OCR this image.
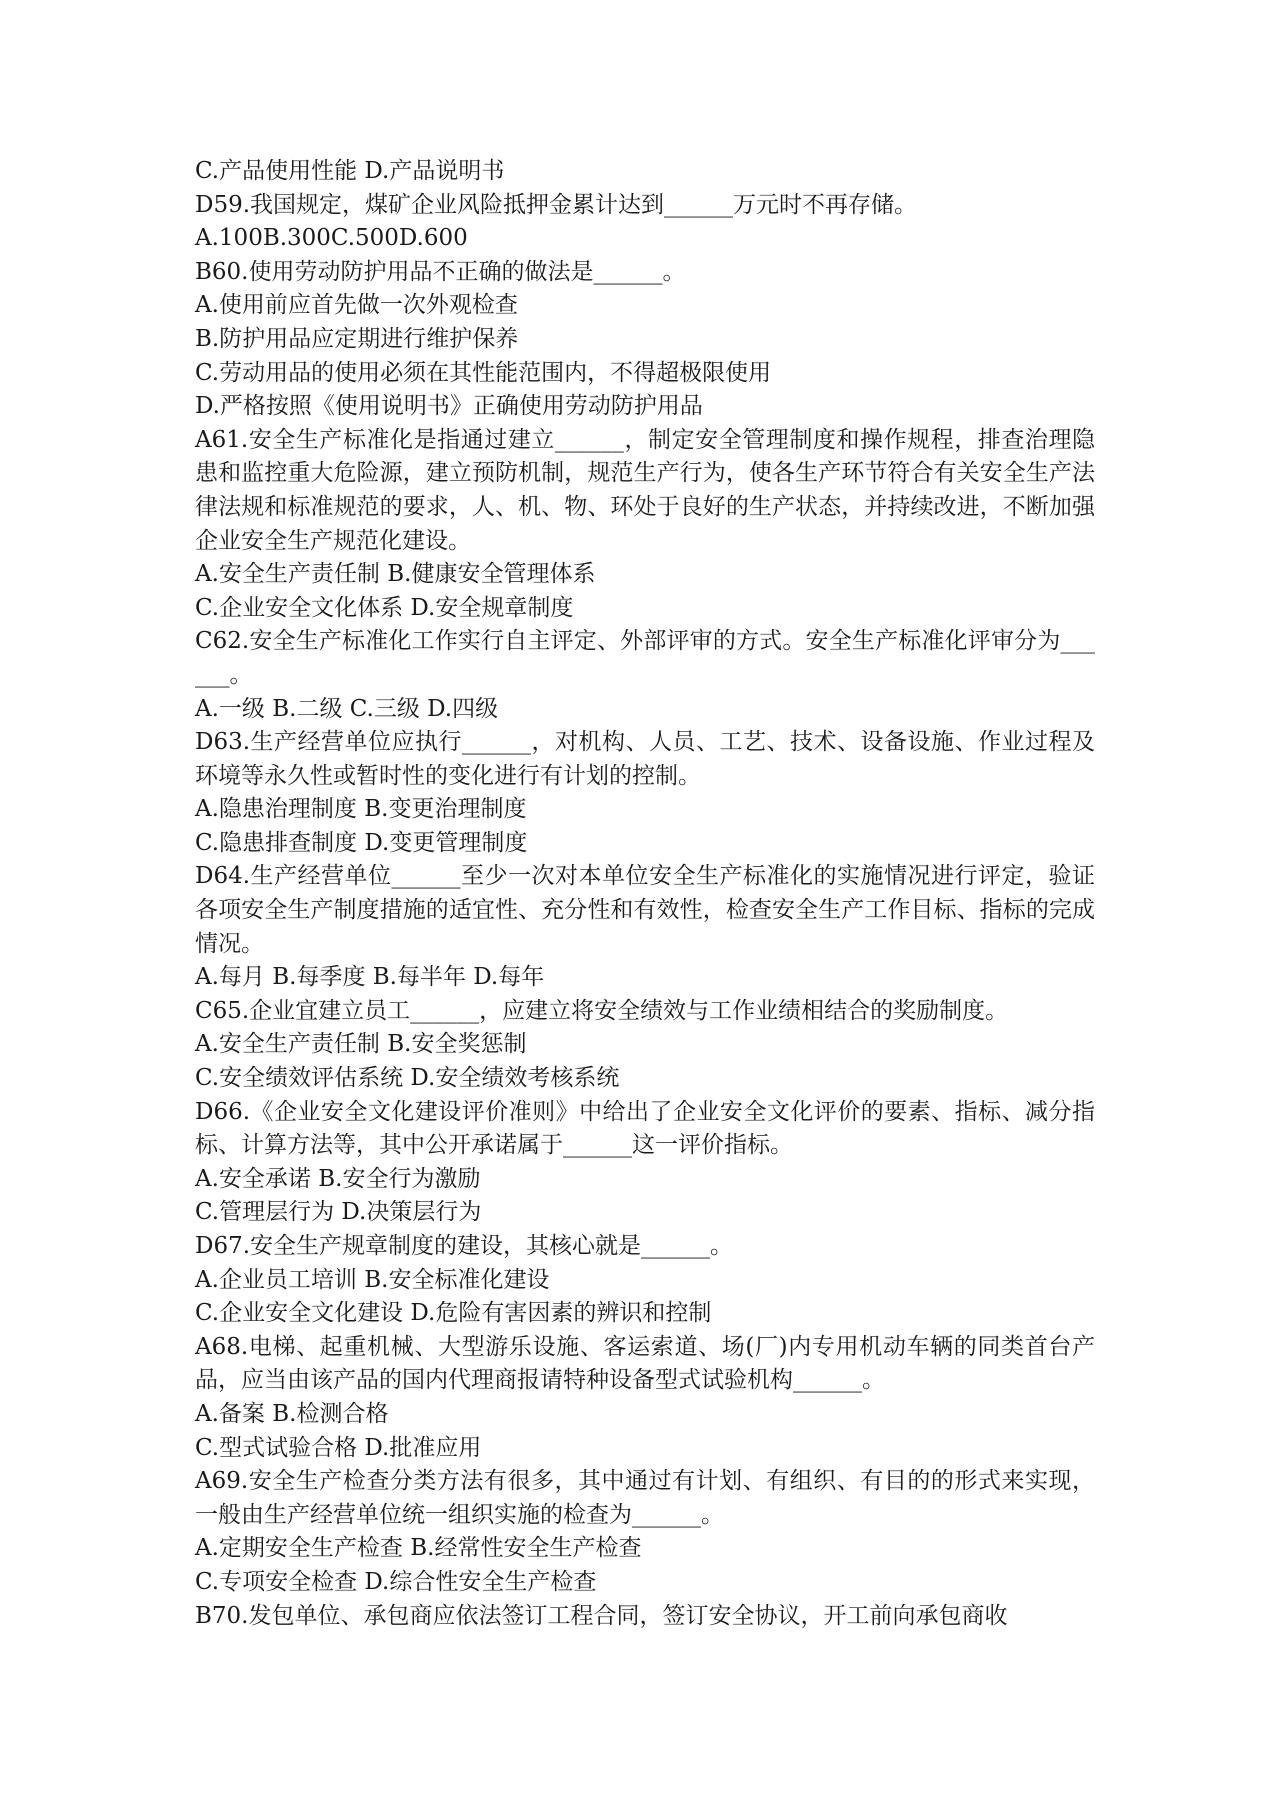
C.产品使用性能 D.产品说明书

D59.我国规定，煤矿企业风险抵押金累计达到______万元时不再存储。

A.100B.300C.500D.600

B60.使用劳动防护用品不正确的做法是______。

A.使用前应首先做一次外观检查

B.防护用品应定期进行维护保养

C.劳动用品的使用必须在其性能范围内，不得超极限使用

D.严格按照《使用说明书》正确使用劳动防护用品

A61.安全生产标准化是指通过建立______，制定安全管理制度和操作规程，排查治理隐患和监控重大危险源，建立预防机制，规范生产行为，使各生产环节符合有关安全生产法律法规和标准规范的要求，人、机、物、环处于良好的生产状态，并持续改进，不断加强企业安全生产规范化建设。

A.安全生产责任制 B.健康安全管理体系

C.企业安全文化体系 D.安全规章制度

C62.安全生产标准化工作实行自主评定、外部评审的方式。安全生产标准化评审分为______。

A.一级 B.二级 C.三级 D.四级

D63.生产经营单位应执行______，对机构、人员、工艺、技术、设备设施、作业过程及环境等永久性或暂时性的变化进行有计划的控制。

A.隐患治理制度 B.变更治理制度

C.隐患排查制度 D.变更管理制度

D64.生产经营单位______至少一次对本单位安全生产标准化的实施情况进行评定，验证各项安全生产制度措施的适宜性、充分性和有效性，检查安全生产工作目标、指标的完成情况。

A.每月 B.每季度 B.每半年 D.每年

C65.企业宜建立员工______，应建立将安全绩效与工作业绩相结合的奖励制度。

A.安全生产责任制 B.安全奖惩制

C.安全绩效评估系统 D.安全绩效考核系统

D66.《企业安全文化建设评价准则》中给出了企业安全文化评价的要素、指标、减分指标、计算方法等，其中公开承诺属于______这一评价指标。

A.安全承诺 B.安全行为激励

C.管理层行为 D.决策层行为

D67.安全生产规章制度的建设，其核心就是______。

A.企业员工培训 B.安全标准化建设

C.企业安全文化建设 D.危险有害因素的辨识和控制

A68.电梯、起重机械、大型游乐设施、客运索道、场(厂)内专用机动车辆的同类首台产品，应当由该产品的国内代理商报请特种设备型式试验机构______。

A.备案 B.检测合格

C.型式试验合格 D.批准应用

A69.安全生产检查分类方法有很多，其中通过有计划、有组织、有目的的形式来实现，一般由生产经营单位统一组织实施的检查为______。

A.定期安全生产检查 B.经常性安全生产检查

C.专项安全检查 D.综合性安全生产检查

B70.发包单位、承包商应依法签订工程合同，签订安全协议，开工前向承包商收
